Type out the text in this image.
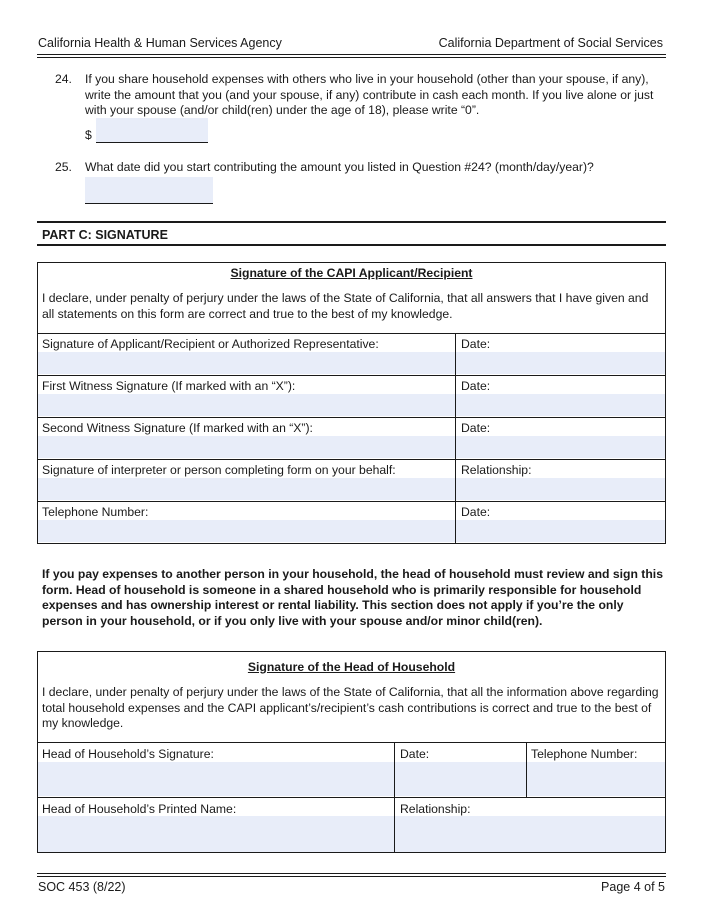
California Health & Human Services Agency	California Department of Social Services
24. If you share household expenses with others who live in your household (other than your spouse, if any), write the amount that you (and your spouse, if any) contribute in cash each month. If you live alone or just with your spouse (and/or child(ren) under the age of 18), please write “0”.
$
25. What date did you start contributing the amount you listed in Question #24? (month/day/year)?
PART C: SIGNATURE
Signature of the CAPI Applicant/Recipient
I declare, under penalty of perjury under the laws of the State of California, that all answers that I have given and all statements on this form are correct and true to the best of my knowledge.
Signature of Applicant/Recipient or Authorized Representative:	Date:
First Witness Signature (If marked with an “X”):	Date:
Second Witness Signature (If marked with an “X”):	Date:
Signature of interpreter or person completing form on your behalf:	Relationship:
Telephone Number:	Date:
If you pay expenses to another person in your household, the head of household must review and sign this form. Head of household is someone in a shared household who is primarily responsible for household expenses and has ownership interest or rental liability. This section does not apply if you’re the only person in your household, or if you only live with your spouse and/or minor child(ren).
Signature of the Head of Household
I declare, under penalty of perjury under the laws of the State of California, that all the information above regarding total household expenses and the CAPI applicant’s/recipient’s cash contributions is correct and true to the best of my knowledge.
Head of Household’s Signature:	Date:	Telephone Number:
Head of Household’s Printed Name:	Relationship:
SOC 453 (8/22)	Page 4 of 5
